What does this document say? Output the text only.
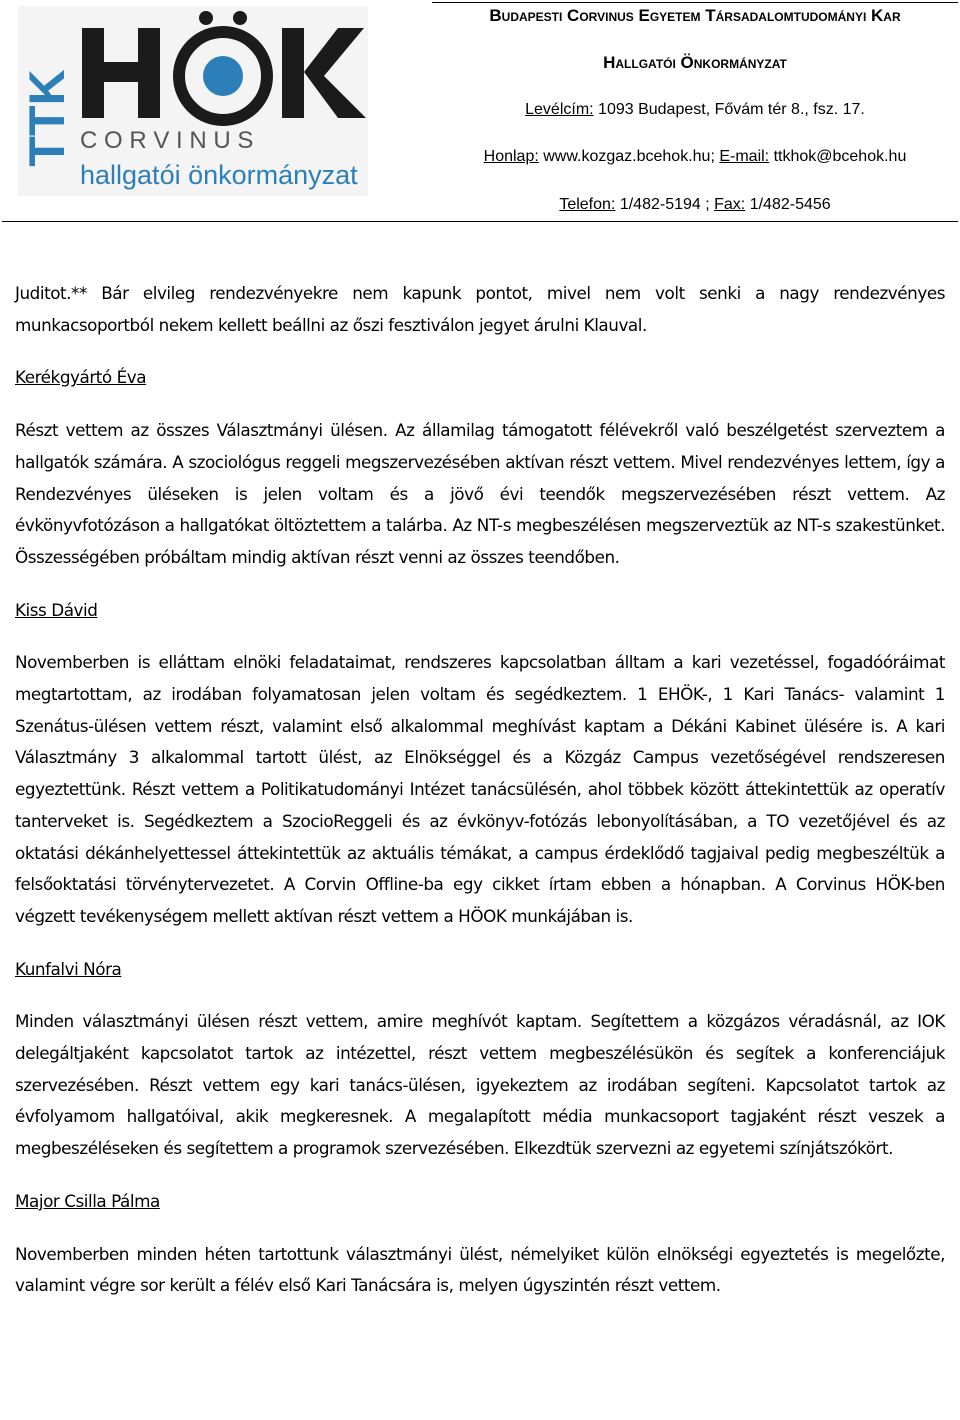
TTK C O R V I N U S
hallgatói önkormányzat
Budapesti Corvinus Egyetem Társadalomtudományi Kar
Hallgatói Önkormányzat
Levélcím: 1093 Budapest, Fővám tér 8., fsz. 17.
Honlap: www.kozgaz.bcehok.hu; E-mail: ttkhok@bcehok.hu
Telefon: 1/482-5194 ; Fax: 1/482-5456

Juditot.** Bár elvileg rendezvényekre nem kapunk pontot, mivel nem volt senki a nagy rendezvényes munkacsoportból nekem kellett beállni az őszi fesztiválon jegyet árulni Klauval.

Kerékgyártó Éva

Részt vettem az összes Választmányi ülésen. Az államilag támogatott félévekről való beszélgetést szerveztem a hallgatók számára. A szociológus reggeli megszervezésében aktívan részt vettem. Mivel rendezvényes lettem, így a Rendezvényes üléseken is jelen voltam és a jövő évi teendők megszervezésében részt vettem. Az évkönyvfotózáson a hallgatókat öltöztettem a talárba. Az NT-s megbeszélésen megszerveztük az NT-s szakestünket. Összességében próbáltam mindig aktívan részt venni az összes teendőben.

Kiss Dávid

Novemberben is elláttam elnöki feladataimat, rendszeres kapcsolatban álltam a kari vezetéssel, fogadóóráimat megtartottam, az irodában folyamatosan jelen voltam és segédkeztem. 1 EHÖK-, 1 Kari Tanács- valamint 1 Szenátus-ülésen vettem részt, valamint első alkalommal meghívást kaptam a Dékáni Kabinet ülésére is. A kari Választmány 3 alkalommal tartott ülést, az Elnökséggel és a Közgáz Campus vezetőségével rendszeresen egyeztettünk. Részt vettem a Politikatudományi Intézet tanácsülésén, ahol többek között áttekintettük az operatív tanterveket is. Segédkeztem a SzocioReggeli és az évkönyv-fotózás lebonyolításában, a TO vezetőjével és az oktatási dékánhelyettessel áttekintettük az aktuális témákat, a campus érdeklődő tagjaival pedig megbeszéltük a felsőoktatási törvénytervezetet. A Corvin Offline-ba egy cikket írtam ebben a hónapban. A Corvinus HÖK-ben végzett tevékenységem mellett aktívan részt vettem a HÖOK munkájában is.

Kunfalvi Nóra

Minden választmányi ülésen részt vettem, amire meghívót kaptam. Segítettem a közgázos véradásnál, az IOK delegáltjaként kapcsolatot tartok az intézettel, részt vettem megbeszélésükön és segítek a konferenciájuk szervezésében. Részt vettem egy kari tanács-ülésen, igyekeztem az irodában segíteni. Kapcsolatot tartok az évfolyamom hallgatóival, akik megkeresnek. A megalapított média munkacsoport tagjaként részt veszek a megbeszéléseken és segítettem a programok szervezésében. Elkezdtük szervezni az egyetemi színjátszókört.

Major Csilla Pálma

Novemberben minden héten tartottunk választmányi ülést, némelyiket külön elnökségi egyeztetés is megelőzte, valamint végre sor került a félév első Kari Tanácsára is, melyen úgyszintén részt vettem.
